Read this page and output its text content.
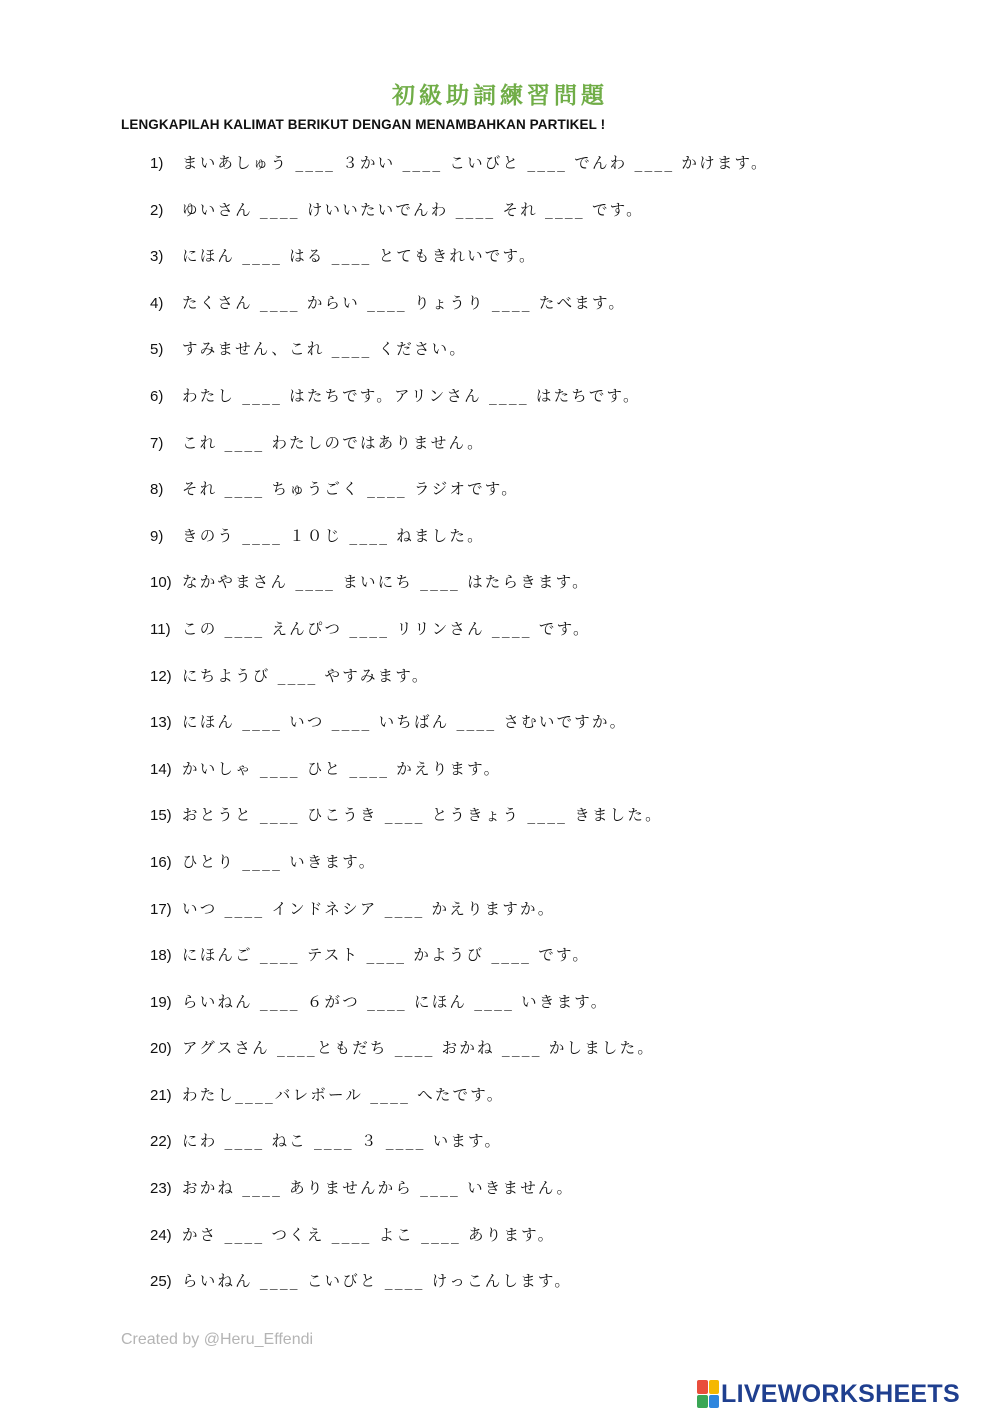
初級助詞練習問題
LENGKAPILAH KALIMAT BERIKUT DENGAN MENAMBAHKAN PARTIKEL !
1)	まいあしゅう ____ ３かい ____ こいびと ____ でんわ ____ かけます。
2)	ゆいさん ____ けいいたいでんわ ____ それ ____ です。
3)	にほん ____ はる ____ とてもきれいです。
4)	たくさん ____ からい ____ りょうり ____ たべます。
5)	すみません、これ ____ ください。
6)	わたし ____ はたちです。アリンさん ____ はたちです。
7)	これ ____ わたしのではありません。
8)	それ ____ ちゅうごく ____ ラジオです。
9)	きのう ____ １０じ ____ ねました。
10) なかやまさん ____ まいにち ____ はたらきます。
11) この ____ えんぴつ ____ リリンさん ____ です。
12) にちようび ____ やすみます。
13) にほん ____ いつ ____ いちばん ____ さむいですか。
14) かいしゃ ____ ひと ____ かえります。
15) おとうと ____ ひこうき ____ とうきょう ____ きました。
16) ひとり ____ いきます。
17) いつ ____ インドネシア ____ かえりますか。
18) にほんご ____ テスト ____ かようび ____ です。
19) らいねん ____ ６がつ ____ にほん ____ いきます。
20) アグスさん ____ともだち ____ おかね ____ かしました。
21) わたし____バレボール ____ へたです。
22) にわ ____ ねこ ____ ３ ____ います。
23) おかね ____ ありませんから ____ いきません。
24) かさ ____ つくえ ____ よこ ____ あります。
25) らいねん ____ こいびと ____ けっこんします。
Created by @Heru_Effendi
LIVEWORKSHEETS
